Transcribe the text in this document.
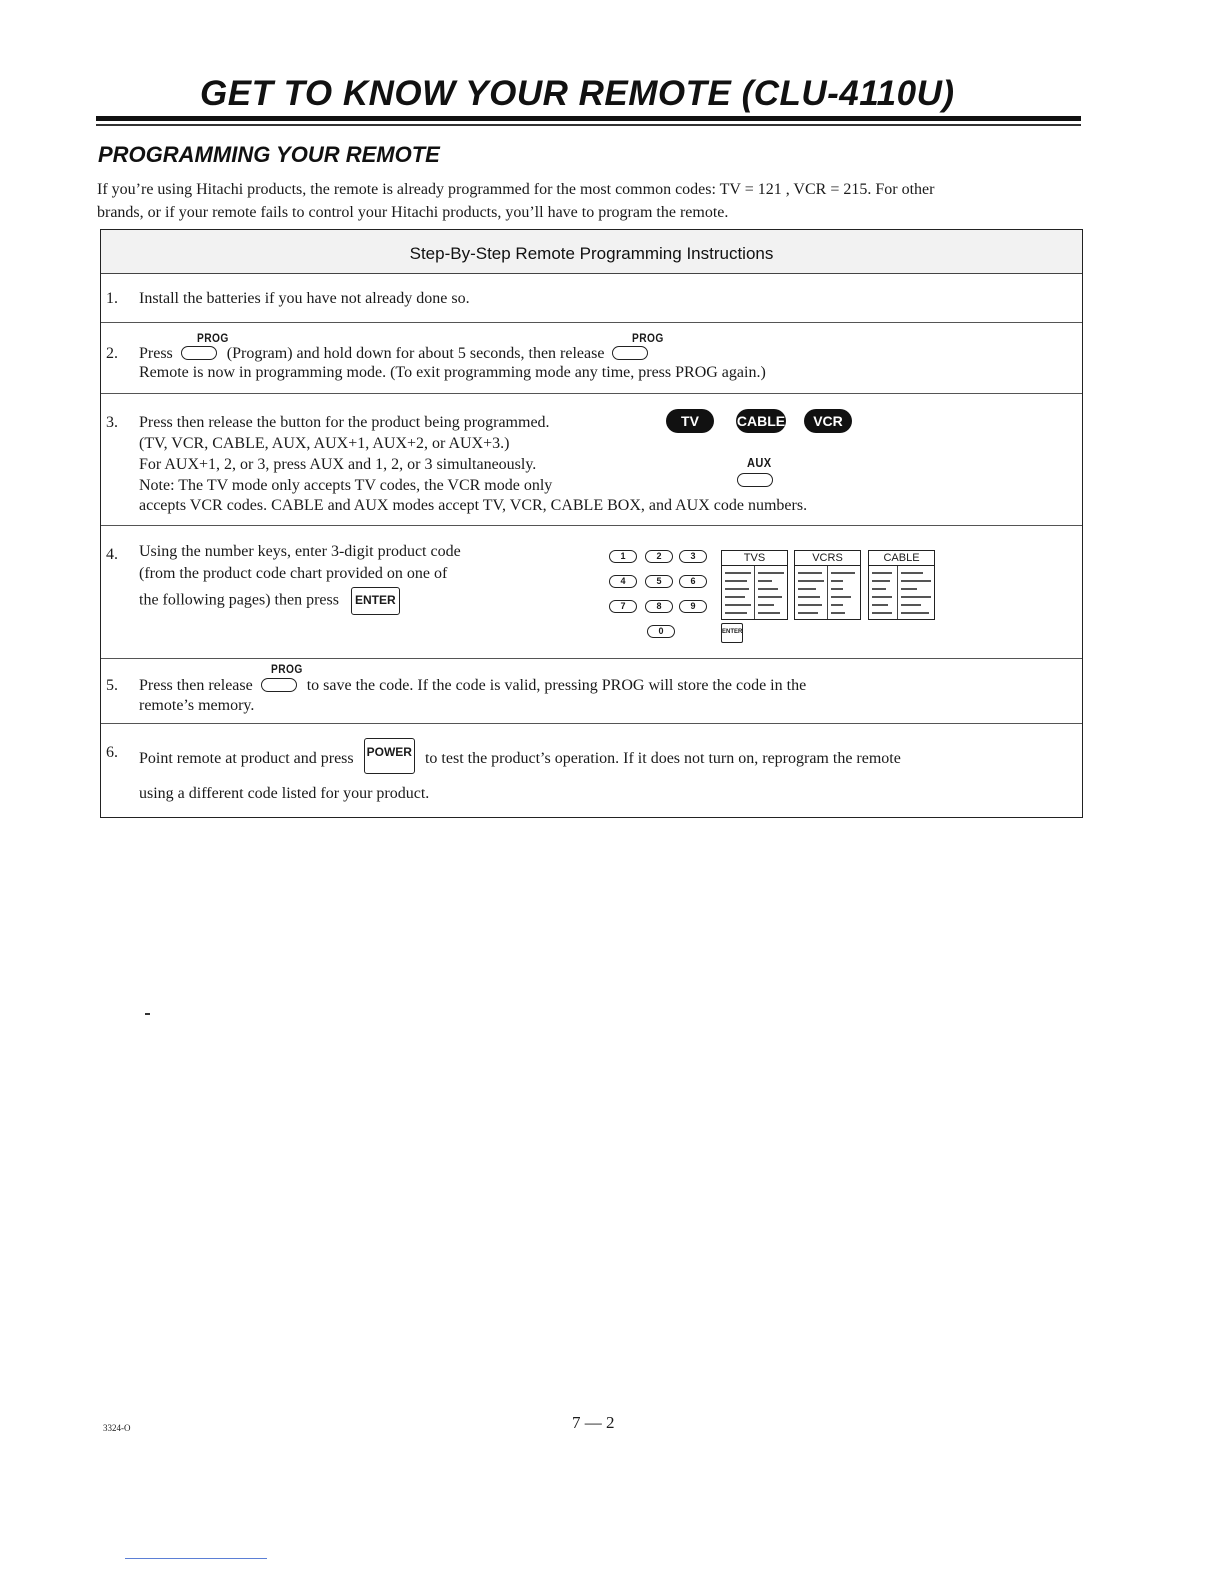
GET TO KNOW YOUR REMOTE (CLU-4110U)
PROGRAMMING YOUR REMOTE
If you’re using Hitachi products, the remote is already programmed for the most common codes: TV = 121 , VCR = 215. For other
brands, or if your remote fails to control your Hitachi products, you’ll have to program the remote.
Step-By-Step Remote Programming Instructions
1. Install the batteries if you have not already done so.
2. Press
PROG
(Program) and hold down for about 5 seconds, then release
PROG
Remote is now in programming mode. (To exit programming mode any time, press PROG again.)
3. Press then release the button for the product being programmed.
(TV, VCR, CABLE, AUX, AUX+1, AUX+2, or AUX+3.)
For AUX+1, 2, or 3, press AUX and 1, 2, or 3 simultaneously.
Note: The TV mode only accepts TV codes, the VCR mode only
accepts VCR codes. CABLE and AUX modes accept TV, VCR, CABLE BOX, and AUX code numbers.
TV	CABLE	VCR
AUX
4. Using the number keys, enter 3-digit product code
(from the product code chart provided on one of
the following pages) then press ENTER
1	2	3
4	5	6
7	8	9
0	ENTER
TVS	VCRS	CABLE
5. Press then release
PROG
to save the code. If the code is valid, pressing PROG will store the code in the
remote’s memory.
6. Point remote at product and press POWER to test the product’s operation. If it does not turn on, reprogram the remote
using a different code listed for your product.
3324-O	7 — 2
